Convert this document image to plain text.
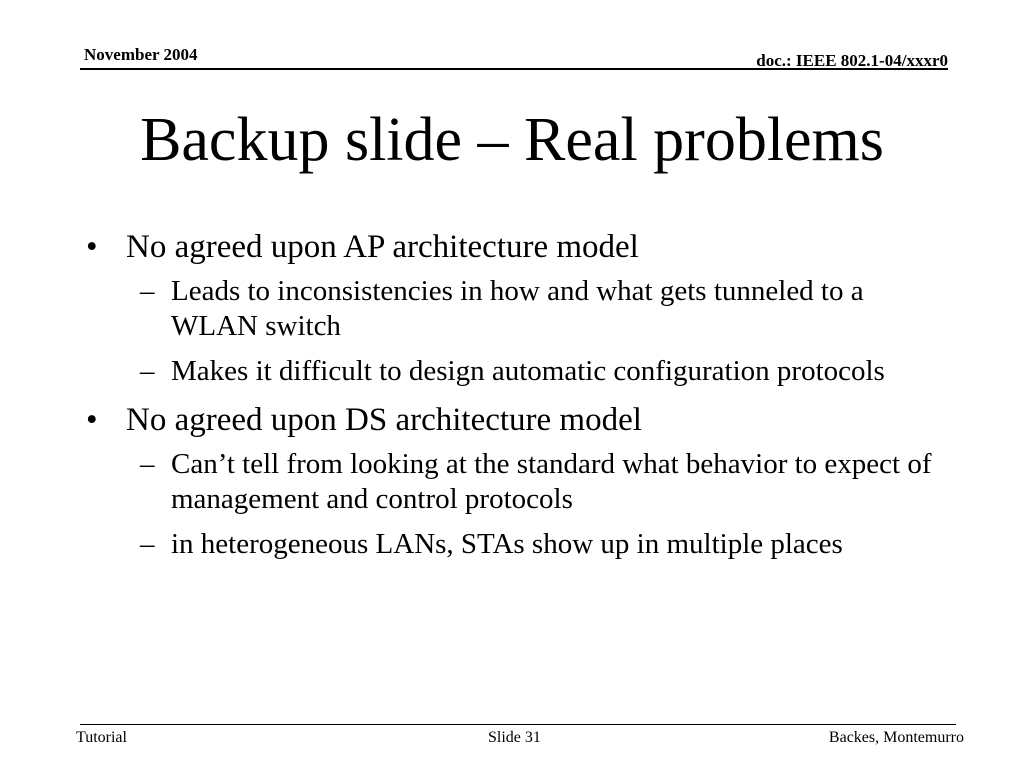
November 2004	doc.: IEEE 802.1-04/xxxr0
Backup slide – Real problems
• No agreed upon AP architecture model
– Leads to inconsistencies in how and what gets tunneled to a WLAN switch
– Makes it difficult to design automatic configuration protocols
• No agreed upon DS architecture model
– Can’t tell from looking at the standard what behavior to expect of management and control protocols
– in heterogeneous LANs, STAs show up in multiple places
Tutorial	Slide 31	Backes, Montemurro
